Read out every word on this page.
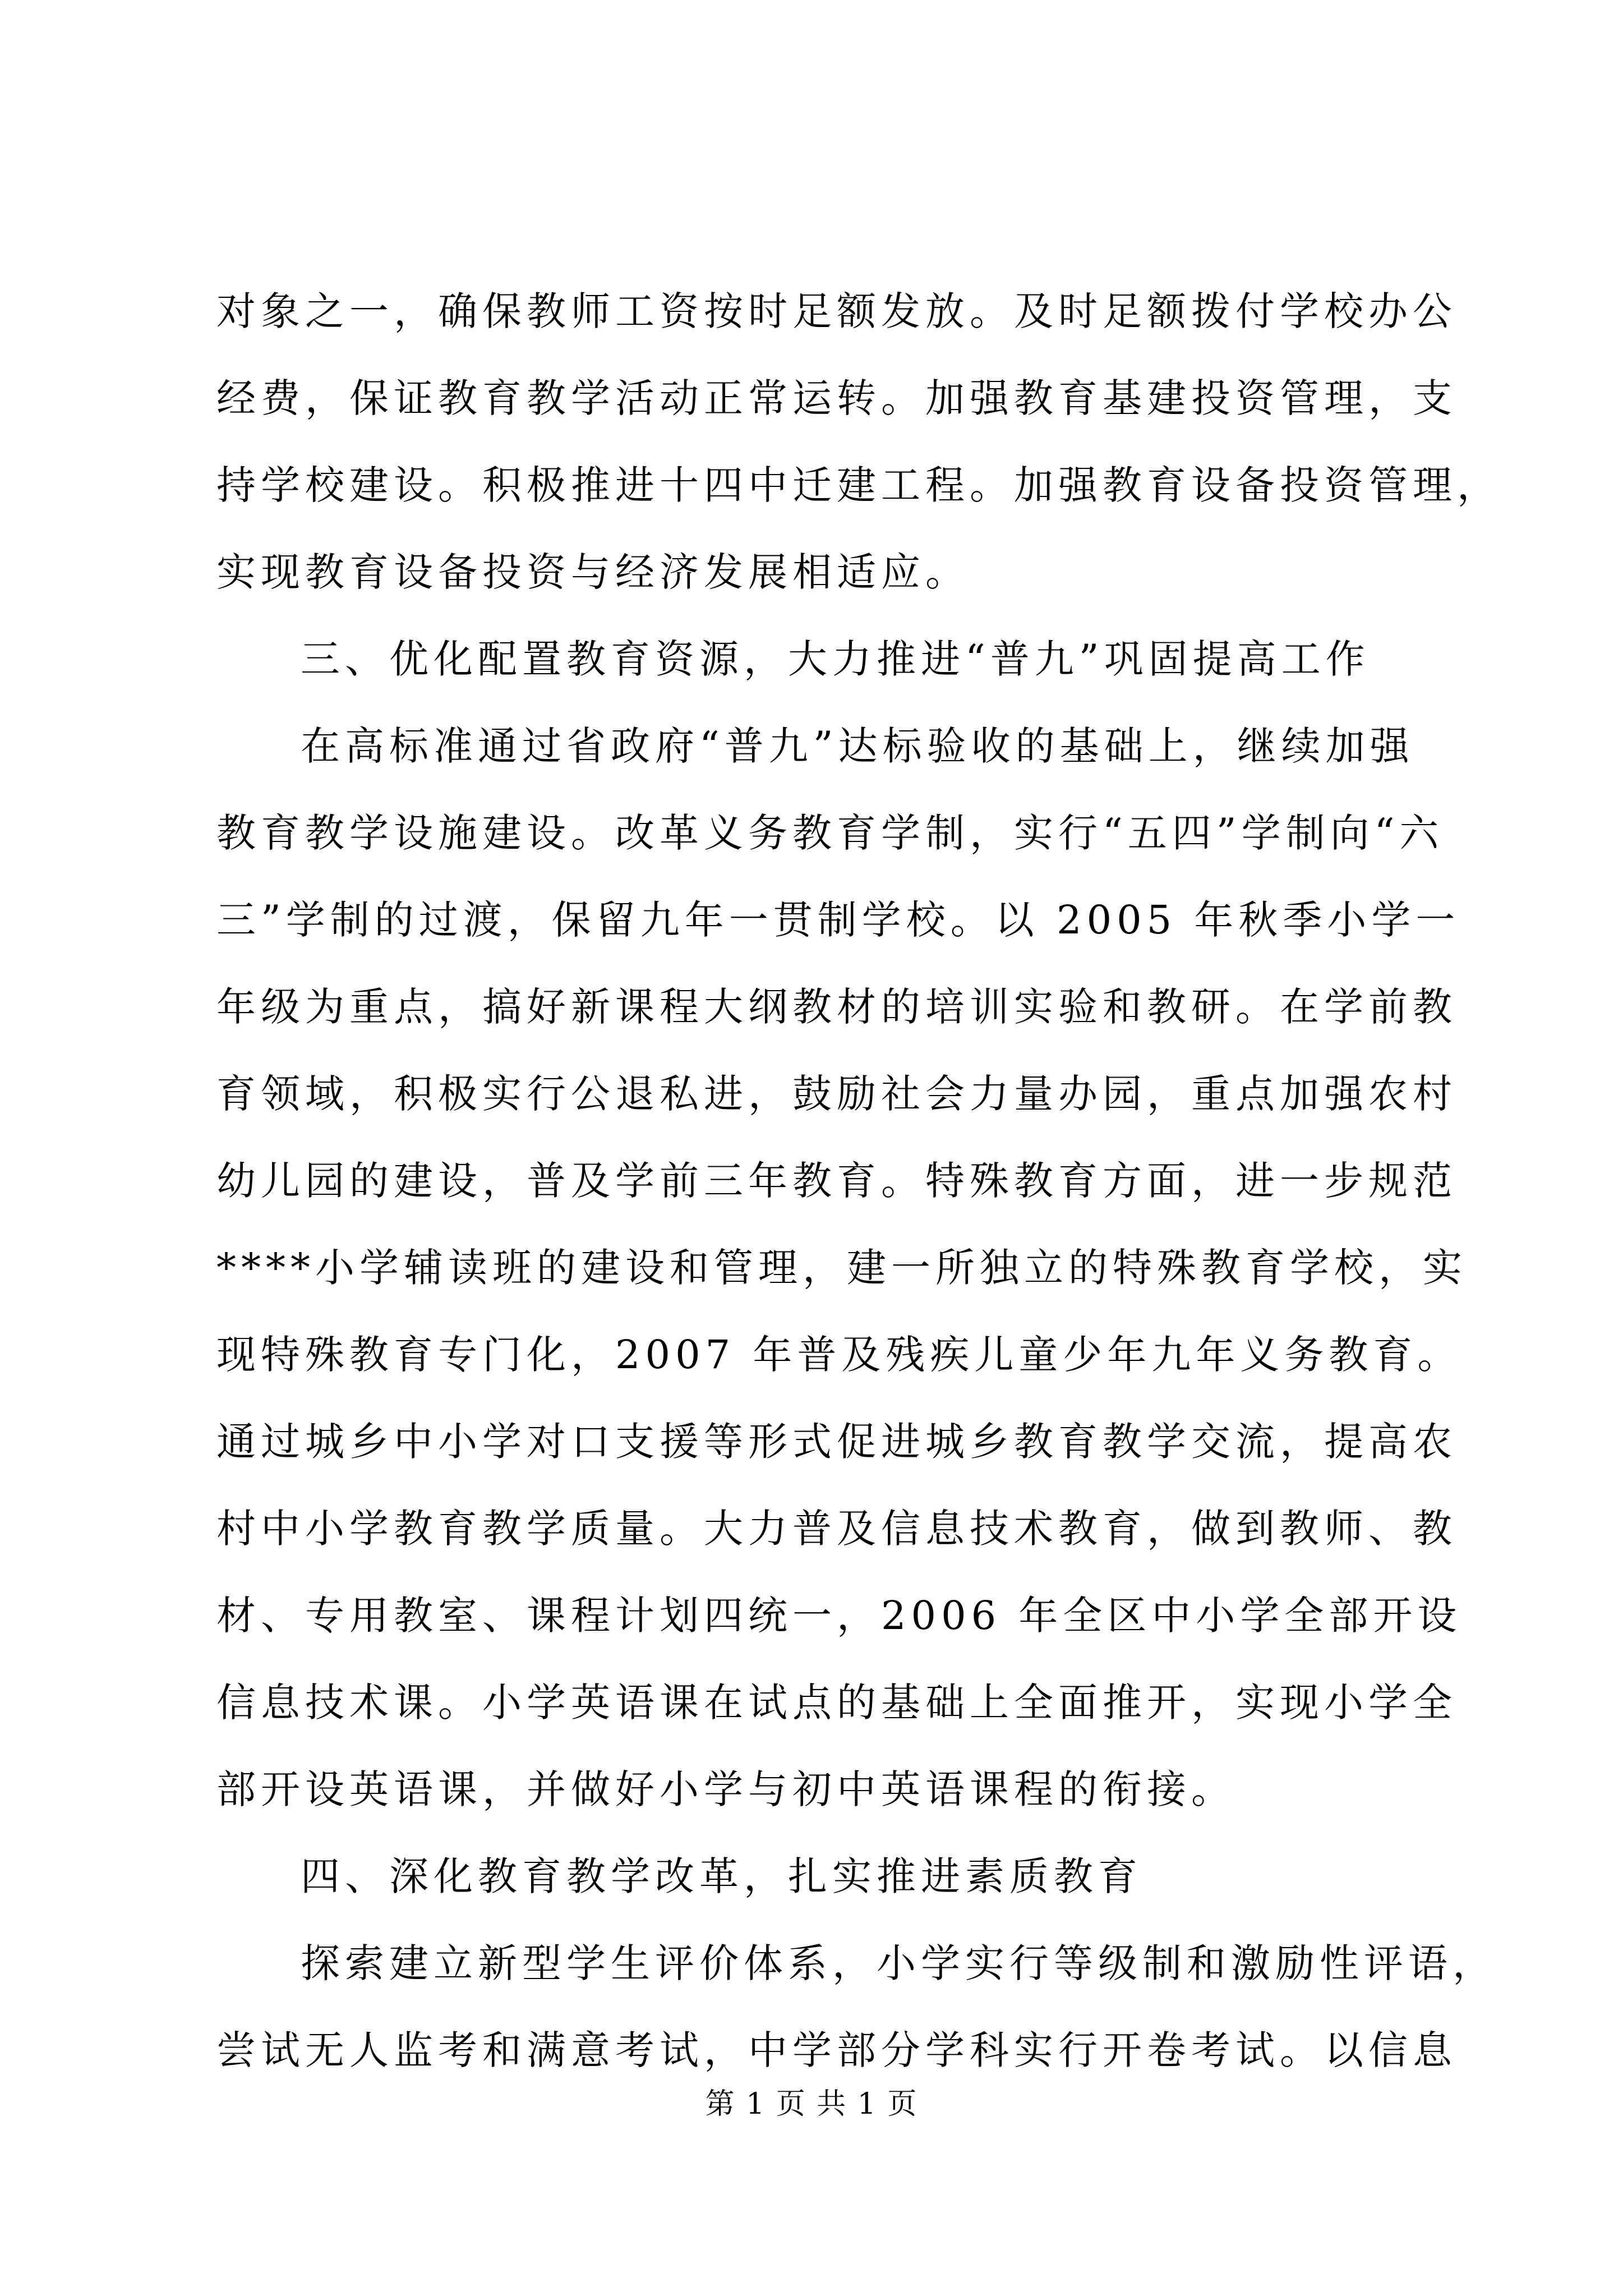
对象之一，确保教师工资按时足额发放。及时足额拨付学校办公
经费，保证教育教学活动正常运转。加强教育基建投资管理，支
持学校建设。积极推进十四中迁建工程。加强教育设备投资管理，
实现教育设备投资与经济发展相适应。
三、优化配置教育资源，大力推进“普九”巩固提高工作
在高标准通过省政府“普九”达标验收的基础上，继续加强
教育教学设施建设。改革义务教育学制，实行“五四”学制向“六
三”学制的过渡，保留九年一贯制学校。以 2005 年秋季小学一
年级为重点，搞好新课程大纲教材的培训实验和教研。在学前教
育领域，积极实行公退私进，鼓励社会力量办园，重点加强农村
幼儿园的建设，普及学前三年教育。特殊教育方面，进一步规范
****小学辅读班的建设和管理，建一所独立的特殊教育学校，实
现特殊教育专门化，2007 年普及残疾儿童少年九年义务教育。
通过城乡中小学对口支援等形式促进城乡教育教学交流，提高农
村中小学教育教学质量。大力普及信息技术教育，做到教师、教
材、专用教室、课程计划四统一，2006 年全区中小学全部开设
信息技术课。小学英语课在试点的基础上全面推开，实现小学全
部开设英语课，并做好小学与初中英语课程的衔接。
四、深化教育教学改革，扎实推进素质教育
探索建立新型学生评价体系，小学实行等级制和激励性评语，
尝试无人监考和满意考试，中学部分学科实行开卷考试。以信息
第 1 页 共 1 页
